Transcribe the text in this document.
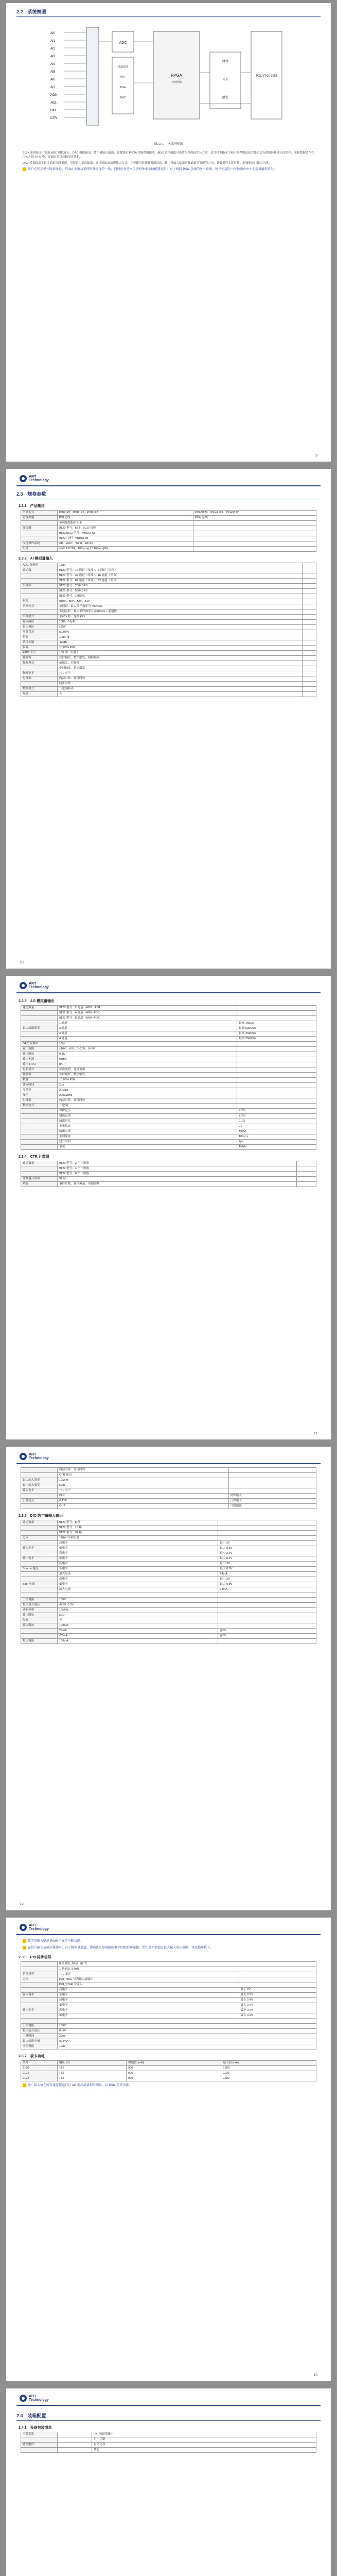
2.2　系统框图
AI0
AI1
AI2
AI3
AI4
AI5
AI6
AI7
AO0
AO1
DIO
CTR
ADC
FPGA	PXI / PXIe 总线
时钟
触发
通道选择
缓冲
PGA
DAC
同步
控制逻辑
图2.2-1　PXI系列框图
912X 系列板卡主要由 ADC 模拟输入、DAC 模拟输出、数字量输入输出、计数器和 FPGA 控制逻辑组成。ADC 采样通道可设置为单端或差分方式，信号经多路开关和可编程增益放大器后送入模数转换器完成采样，采样数据缓存在 FPGA 的 FIFO 中，并通过总线传输至计算机。
DAC 模拟输出支持多通道同时更新，可配置为单次输出、连续输出或波形输出方式，并可使用外部触发源启动。数字量输入输出可按通道单独配置方向，计数器可实现计数、测频和脉冲输出功能。
用户在同步操作时需注意，FPGA 主频及采样时钟需保持一致，同时应参考本手册时钟章节的配置说明；对于相同 PXIe 总线的多卡系统，建议使用同一时钟源并由主卡提供触发信号。
9
ART
Technology
2.3　规格参数
2.3.1　产品概述
产品型号	PXI9120、PXI9121、PXI9122	PXIe9120、PXIe9121、PXIe9122
总线类型	PXI 总线	PXIe 总线
	多功能数据采集卡	
连接器	9120 型号：68 针 SCSI 母座	
	9121/9122 型号：VHDCI-68	
	9122：两个 VHDCI-68	
支持操作系统	XP、Win7、Win8、Win10	
尺寸	标准 PXI 3U，100mm(L) * 160mm(W)	
2.3.2　AI 模拟量输入
ADC 分辨率	16bit	
通道数	9120 型号：16 通道（单端）、8 通道（差分）	
	9121 型号：32 通道（单端）、16 通道（差分）	
	9122 型号：64 通道（单端）、32 通道（差分）	
采样率	9120 型号：250KSPS	
	9121 型号：500KSPS	
	9122 型号：1MSPS	
量程	±10V、±5V、±2V、±1V	
采样方式	单通道，最大采样频率为 400KS/s	
	多通道时，最大采样频率 = 400KS/s ÷ 通道数	
采样模式	单次采样、连续采样	
输入阻抗	1GΩ，10pF	
最大电压	±25V	
增益误差	±0.03%	
带宽	1.5MHz	
共模抑制	-80dB	
偏置	±0.05% FSR	
FIFO 大小	16K 字（共用）	
触发源	软件触发、数字触发、模拟触发	
触发模式	前触发、后触发	
	中间触发、延迟触发	
触发电平	TTL 电平	
时钟源	内部时钟、外部时钟	
	同步时钟	
数据格式	二进制补码	
隔离	无	
10
ART
Technology
2.3.3　AO 模拟量输出
通道数量	9120 型号：2 通道（AO0、AO1）	
	9121 型号：4 通道（AO0~AO3）	
	9122 型号：8 通道（AO0~AO7）	
	1 通道	最高 1MS/s
最大输出速率	2 通道	最高 500KS/s
	3 通道	最高 333KS/s
	4 通道	最高 250KS/s
DAC 分辨率	16bit	
输出范围	±10V、±5V、0~10V、0~5V	
输出阻抗	0.1Ω	
输出电流	±5mA	
输出 FIFO	8K 字	
更新模式	单次更新、连续更新	
触发源	软件触发、数字触发	
精度	±0.05% FSR	
建立时间	2μs	
压摆率	20V/μs	
噪声	200μVrms	
时钟源	内部时钟、外部时钟	
数据格式	二进制	
	保护电压	±15V
	输出范围	±10V
	输出阻抗	0.1Ω
	上电状态	0V
	输出电流	±5mA
	毛刺能量	10nV·s
	建立时间	2μs
	带宽	1MHz
2.3.4　CTR 计数器
通道数量	9120 型号：2 个计数器	
	9121 型号：4 个计数器	
	9122 型号：8 个计数器	
计数器分辨率	32 位	
功能	事件计数、频率测量、周期测量	
11
ART
Technology
	内部时钟、外部时钟	
	CTR 输出	
最大输入频率	10MHz	
最小输入脉宽	50ns	
输入电平	TTL 电平	
	CLK	时钟输入
引脚定义	GATE	门控输入
	OUT	计数输出
2.3.5　DIO 数字量输入输出
通道数量	9120 型号：8 路	
	9121 型号：16 路	
	9122 型号：32 路	
方向	每路可单独设置	
	高电平	最小 2V
输入电平	低电平	最大 0.8V
	高电平	最小 2.4V
输出电平	低电平	最大 0.4V
	高电平	最小 2V
Source 电流	低电平	最大 0.8V
	最大电流	24mA
	高电平	最小 2V
Sink 电流	低电平	最大 0.8V
	最大电流	24mA

上拉电阻	10KΩ	
最大输入电压	-0.5V~5.5V	
刷新频率	10MHz	
输出阻抗	50Ω	
隔离	无	
输入阻抗	100KΩ	
	25mA	@5V
	-25mA	@0V
最大电流	100mA	
12
ART
Technology
数字量输入输出 Port0 不支持中断功能。
在信号输入或输出操作时，对于数字量通道，请确认外部电路的电平匹配后再连接；并注意不要超过最大输入电压范围，以免损坏板卡。
2.3.6　PXI 同步信号
	8 路 PXI_TRIG（0..7）	
	1 路 PXI_STAR	
信号类型	TTL 兼容	
方向	PXI_TRIG 可为输入或输出	
	PXI_STAR 为输入	
	高电平	最小 2V
输入电平	低电平	最大 0.8V
	高电平	最小 2.4V
	低电平	最大 0.4V
输出电平	高电平	最小 2.4V
	低电平	最大 0.4V

上拉电阻	10KΩ	
最大输入电压	0~5V	
上升时间	20ns	
最大输出电流	±24mA	
同步精度	10ns	
2.3.7　板卡功耗
型号	电压 (V)	典型值 (mA)	最大值 (mA)
9120	+12	900	1200
9121	+12	800	1100
9122	+12	900	1200
注：最大值在所有通道都运行且 AO 输出满量程时测得，以 PXIe 系列为准。
13
ART
Technology
2.4　装箱配置
2.4.1　设备包装清单
产品名称		PXI 数据采集卡
		用户手册
随机附件		驱动光盘
		其它
